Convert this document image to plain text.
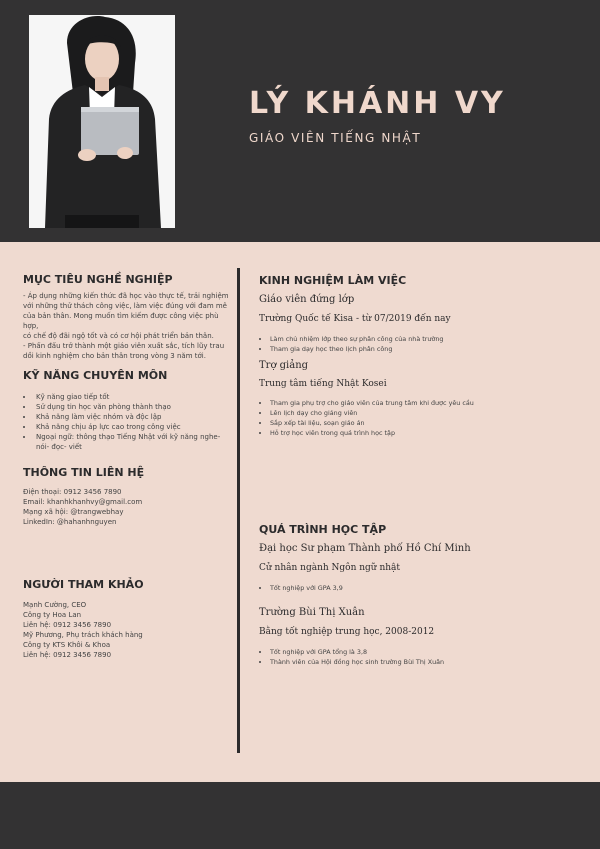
LÝ KHÁNH VY
GIÁO VIÊN TIẾNG NHẬT
MỤC TIÊU NGHỀ NGHIỆP
- Áp dụng những kiến thức đã học vào thực tế, trải nghiệm
với những thử thách công việc, làm việc đúng với đam mê
của bản thân. Mong muốn tìm kiếm được công việc phù hợp,
có chế độ đãi ngộ tốt và có cơ hội phát triển bản thân.
- Phấn đấu trở thành một giáo viên xuất sắc, tích lũy trau
dồi kinh nghiệm cho bản thân trong vòng 3 năm tới.
KỸ NĂNG CHUYÊN MÔN
• Kỹ năng giao tiếp tốt
• Sử dụng tin học văn phòng thành thạo
• Khả năng làm việc nhóm và độc lập
• Khả năng chịu áp lực cao trong công việc
• Ngoại ngữ: thông thạo Tiếng Nhật với kỹ năng nghe- nói- đọc- viết
THÔNG TIN LIÊN HỆ
Điện thoại: 0912 3456 7890
Email: khanhkhanhvy@gmail.com
Mạng xã hội: @trangwebhay
LinkedIn: @hahanhnguyen
NGƯỜI THAM KHẢO
Mạnh Cường, CEO
Công ty Hoa Lan
Liên hệ: 0912 3456 7890
Mỹ Phương, Phụ trách khách hàng
Công ty KTS Khôi & Khoa
Liên hệ: 0912 3456 7890
KINH NGHIỆM LÀM VIỆC
Giáo viên đứng lớp
Trường Quốc tế Kisa - từ 07/2019 đến nay
• Làm chủ nhiệm lớp theo sự phân công của nhà trường
• Tham gia dạy học theo lịch phân công
Trợ giảng
Trung tâm tiếng Nhật Kosei
• Tham gia phụ trợ cho giáo viên của trung tâm khi được yêu cầu
• Lên lịch dạy cho giảng viên
• Sắp xếp tài liệu, soạn giáo án
• Hỗ trợ học viên trong quá trình học tập
QUÁ TRÌNH HỌC TẬP
Đại học Sư phạm Thành phố Hồ Chí Minh
Cử nhân ngành Ngôn ngữ nhật
• Tốt nghiệp với GPA 3,9
Trường Bùi Thị Xuân
Bằng tốt nghiệp trung học, 2008-2012
• Tốt nghiệp với GPA tổng là 3,8
• Thành viên của Hội đồng học sinh trường Bùi Thị Xuân
